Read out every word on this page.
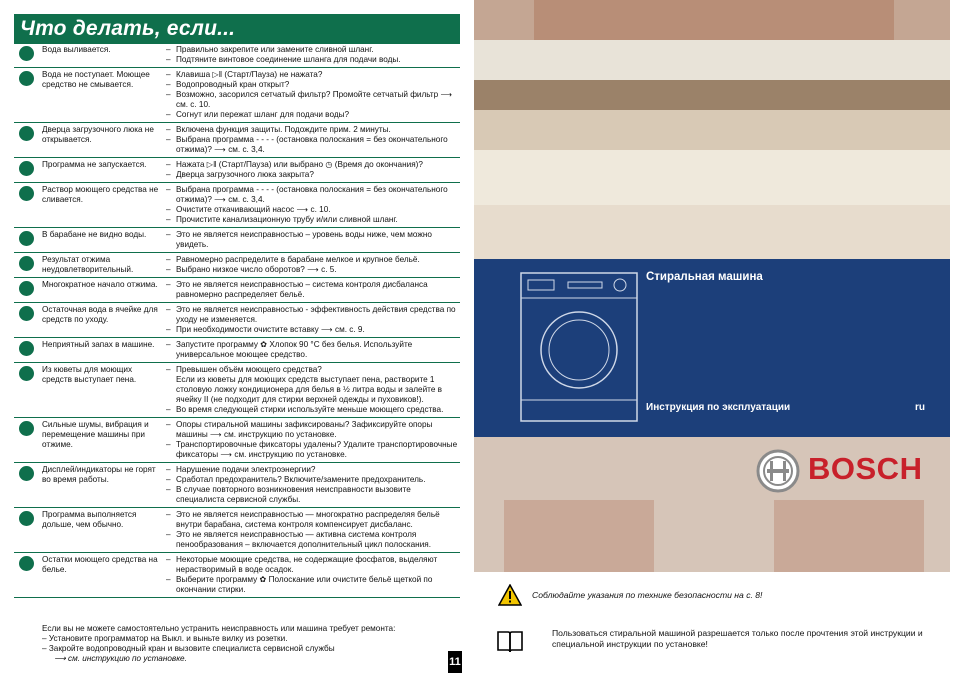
Что делать, если...
Вода выливается.	– Правильно закрепите или замените сливной шланг.
– Подтяните винтовое соединение шланга для подачи воды.
Вода не поступает. Моющее средство не смывается.
– Клавиша ▷‖ (Старт/Пауза) не нажата?
– Водопроводный кран открыт?
– Возможно, засорился сетчатый фильтр? Промойте сетчатый фильтр ⟶ см. с. 10.
– Согнут или пережат шланг для подачи воды?
Дверца загрузочного люка не открывается.
– Включена функция защиты. Подождите прим. 2 минуты.
– Выбрана программа - - - - (остановка полоскания = без окончательного отжима)? ⟶ см. с. 3,4.
Программа не запускается.	– Нажата ▷‖ (Старт/Пауза) или выбрано ◷ (Время до окончания)?
– Дверца загрузочного люка закрыта?
Раствор моющего средства не сливается.
– Выбрана программа - - - - (остановка полоскания = без окончательного отжима)? ⟶ см. с. 3,4.
– Очистите откачивающий насос ⟶ с. 10.
– Прочистите канализационную трубу и/или сливной шланг.
В барабане не видно воды.	– Это не является неисправностью – уровень воды ниже, чем можно увидеть.
Результат отжима неудовлетворительный.
– Равномерно распределите в барабане мелкое и крупное бельё.
– Выбрано низкое число оборотов? ⟶ с. 5.
Многократное начало отжима.	– Это не является неисправностью – система контроля дисбаланса равномерно распределяет бельё.
Остаточная вода в ячейке для средств по уходу.
– Это не является неисправностью - эффективность действия средства по уходу не изменяется.
– При необходимости очистите вставку ⟶ см. с. 9.
Неприятный запах в машине.	– Запустите программу ✿ Хлопок 90 °С без белья. Используйте универсальное моющее средство.
Из кюветы для моющих средств выступает пена.
– Превышен объём моющего средства?
Если из кюветы для моющих средств выступает пена, растворите 1 столовую ложку кондиционера для белья в ½ литра воды и залейте в ячейку II (не подходит для стирки верхней одежды и пуховиков!).
– Во время следующей стирки используйте меньше моющего средства.
Сильные шумы, вибрация и перемещение машины при отжиме.
– Опоры стиральной машины зафиксированы? Зафиксируйте опоры машины ⟶ см. инструкцию по установке.
– Транспортировочные фиксаторы удалены? Удалите транспортировочные фиксаторы ⟶ см. инструкцию по установке.
Дисплей/индикаторы не горят во время работы.
– Нарушение подачи электроэнергии?
– Сработал предохранитель? Включите/замените предохранитель.
– В случае повторного возникновения неисправности вызовите специалиста сервисной службы.
Программа выполняется дольше, чем обычно.
– Это не является неисправностью — многократно распределяя бельё внутри барабана, система контроля компенсирует дисбаланс.
– Это не является неисправностью — активна система контроля пенообразования – включается дополнительный цикл полоскания.
Остатки моющего средства на белье.
– Некоторые моющие средства, не содержащие фосфатов, выделяют нерастворимый в воде осадок.
– Выберите программу ✿ Полоскание или очистите бельё щеткой по окончании стирки.
Если вы не можете самостоятельно устранить неисправность или машина требует ремонта:
– Установите программатор на Выкл. и выньте вилку из розетки.
– Закройте водопроводный кран и вызовите специалиста сервисной службы
⟶ см. инструкцию по установке.	11
Стиральная машина
Инструкция по эксплуатации	ru
BOSCH
Соблюдайте указания по технике безопасности на с. 8!
Пользоваться стиральной машиной разрешается только после прочтения этой инструкции и специальной инструкции по установке!
